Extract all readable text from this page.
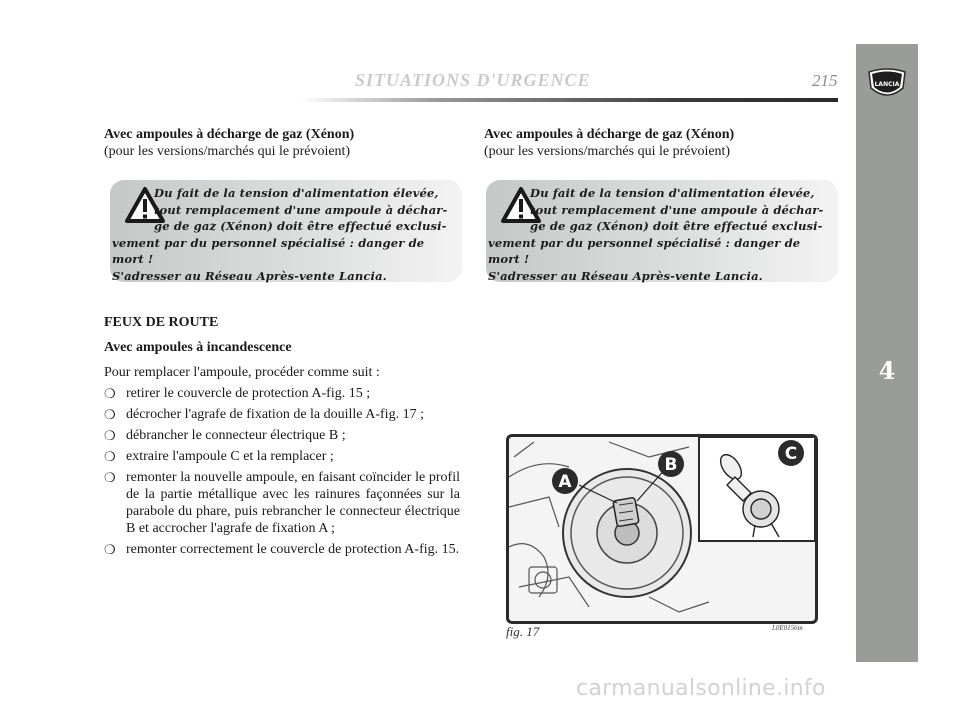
LANCIA
4
SITUATIONS D'URGENCE	215
Avec ampoules à décharge de gaz (Xénon)
(pour les versions/marchés qui le prévoient)
Du fait de la tension d'alimentation élevée,
tout remplacement d'une ampoule à déchar-
ge de gaz (Xénon) doit être effectué exclusi-
vement par du personnel spécialisé : danger de mort !
S'adresser au Réseau Après-vente Lancia.
Avec ampoules à décharge de gaz (Xénon)
(pour les versions/marchés qui le prévoient)
Du fait de la tension d'alimentation élevée,
tout remplacement d'une ampoule à déchar-
ge de gaz (Xénon) doit être effectué exclusi-
vement par du personnel spécialisé : danger de mort !
S'adresser au Réseau Après-vente Lancia.
FEUX DE ROUTE
Avec ampoules à incandescence
Pour remplacer l'ampoule, procéder comme suit :
❍ retirer le couvercle de protection A-fig. 15 ;
❍ décrocher l'agrafe de fixation de la douille A-fig. 17 ;
❍ débrancher le connecteur électrique B ;
❍ extraire l'ampoule C et la remplacer ;
❍ remonter la nouvelle ampoule, en faisant coïncider le profil de la partie métallique avec les rainures façonnées sur la parabole du phare, puis rebrancher le connecteur électrique B et accrocher l'agrafe de fixation A ;
❍ remonter correctement le couvercle de protection A-fig. 15.
A
B
C
fig. 17	L0E0156m
carmanualsonline.info
